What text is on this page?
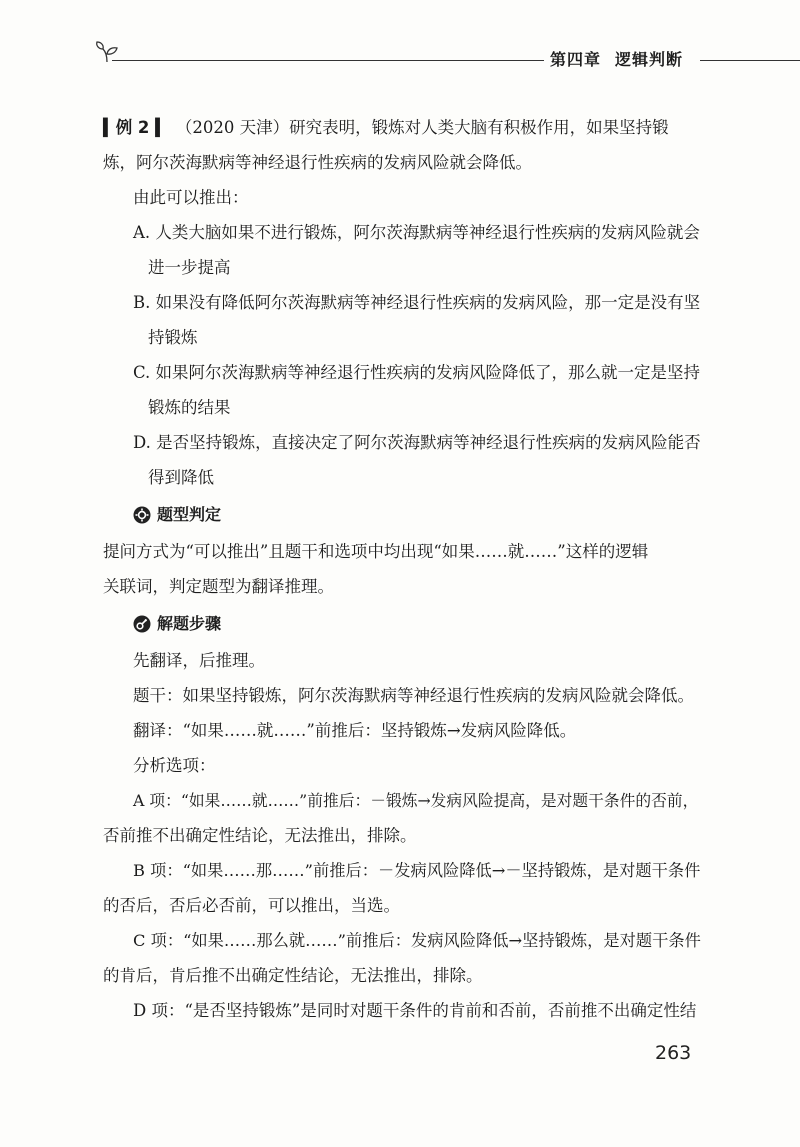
第四章 逻辑判断
▍例 2 ▍ （2020 天津）研究表明，锻炼对人类大脑有积极作用，如果坚持锻
炼，阿尔茨海默病等神经退行性疾病的发病风险就会降低。
由此可以推出：
A. 人类大脑如果不进行锻炼，阿尔茨海默病等神经退行性疾病的发病风险就会
进一步提高
B. 如果没有降低阿尔茨海默病等神经退行性疾病的发病风险，那一定是没有坚
持锻炼
C. 如果阿尔茨海默病等神经退行性疾病的发病风险降低了，那么就一定是坚持
锻炼的结果
D. 是否坚持锻炼，直接决定了阿尔茨海默病等神经退行性疾病的发病风险能否
得到降低
题型判定
提问方式为“可以推出”且题干和选项中均出现“如果……就……”这样的逻辑
关联词，判定题型为翻译推理。
解题步骤
先翻译，后推理。
题干：如果坚持锻炼，阿尔茨海默病等神经退行性疾病的发病风险就会降低。
翻译：“如果……就……”前推后：坚持锻炼→发病风险降低。
分析选项：
A 项：“如果……就……”前推后：－锻炼→发病风险提高，是对题干条件的否前，
否前推不出确定性结论，无法推出，排除。
B 项：“如果……那……”前推后：－发病风险降低→－坚持锻炼，是对题干条件
的否后，否后必否前，可以推出，当选。
C 项：“如果……那么就……”前推后：发病风险降低→坚持锻炼，是对题干条件
的肯后，肯后推不出确定性结论，无法推出，排除。
D 项：“是否坚持锻炼”是同时对题干条件的肯前和否前，否前推不出确定性结
263
